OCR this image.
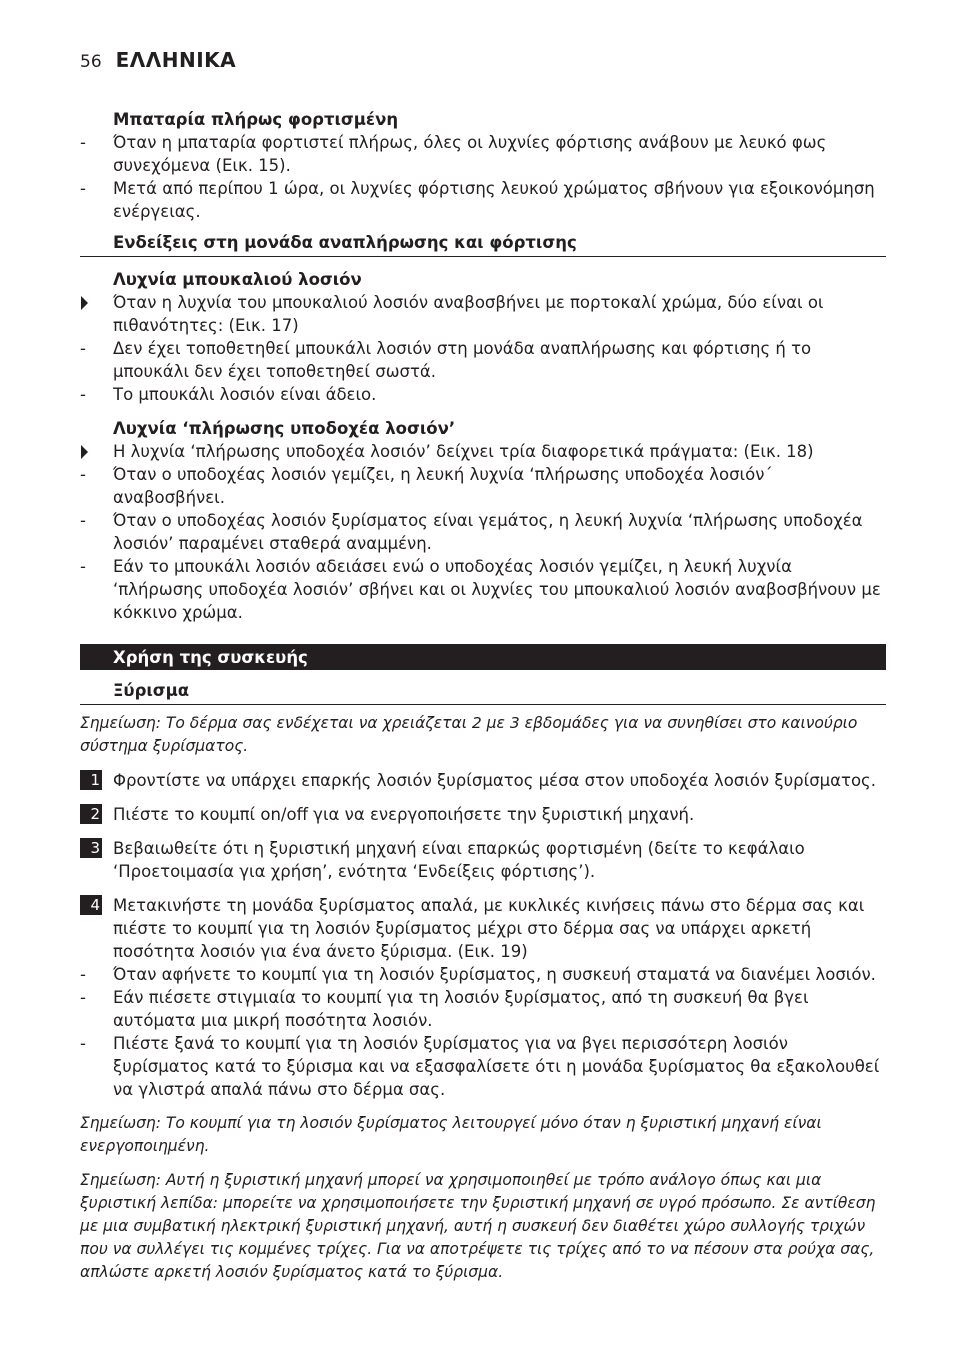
56 ΕΛΛΗΝΙΚΑ
Μπαταρία πλήρως φορτισμένη
-
Όταν η μπαταρία φορτιστεί πλήρως, όλες οι λυχνίες φόρτισης ανάβουν με λευκό φως συνεχόμενα (Εικ. 15).
-
Μετά από περίπου 1 ώρα, οι λυχνίες φόρτισης λευκού χρώματος σβήνουν για εξοικονόμηση ενέργειας.
Ενδείξεις στη μονάδα αναπλήρωσης και φόρτισης
Λυχνία μπουκαλιού λοσιόν
Όταν η λυχνία του μπουκαλιού λοσιόν αναβοσβήνει με πορτοκαλί χρώμα, δύο είναι οι πιθανότητες: (Εικ. 17)
-
Δεν έχει τοποθετηθεί μπουκάλι λοσιόν στη μονάδα αναπλήρωσης και φόρτισης ή το μπουκάλι δεν έχει τοποθετηθεί σωστά.
-
Το μπουκάλι λοσιόν είναι άδειο.
Λυχνία ‘πλήρωσης υποδοχέα λοσιόν’
Η λυχνία ‘πλήρωσης υποδοχέα λοσιόν’ δείχνει τρία διαφορετικά πράγματα: (Εικ. 18)
-
Όταν ο υποδοχέας λοσιόν γεμίζει, η λευκή λυχνία ‘πλήρωσης υποδοχέα λοσιόν΄ αναβοσβήνει.
-
Όταν ο υποδοχέας λοσιόν ξυρίσματος είναι γεμάτος, η λευκή λυχνία ‘πλήρωσης υποδοχέα λοσιόν’ παραμένει σταθερά αναμμένη.
-
Εάν το μπουκάλι λοσιόν αδειάσει ενώ ο υποδοχέας λοσιόν γεμίζει, η λευκή λυχνία ‘πλήρωσης υποδοχέα λοσιόν’ σβήνει και οι λυχνίες του μπουκαλιού λοσιόν αναβοσβήνουν με κόκκινο χρώμα.
Χρήση της συσκευής
Ξύρισμα
Σημείωση: Το δέρμα σας ενδέχεται να χρειάζεται 2 με 3 εβδομάδες για να συνηθίσει στο καινούριο σύστημα ξυρίσματος.
1 Φροντίστε να υπάρχει επαρκής λοσιόν ξυρίσματος μέσα στον υποδοχέα λοσιόν ξυρίσματος.
2 Πιέστε το κουμπί on/off για να ενεργοποιήσετε την ξυριστική μηχανή.
3 Βεβαιωθείτε ότι η ξυριστική μηχανή είναι επαρκώς φορτισμένη (δείτε το κεφάλαιο ‘Προετοιμασία για χρήση’, ενότητα ‘Ενδείξεις φόρτισης’).
4 Μετακινήστε τη μονάδα ξυρίσματος απαλά, με κυκλικές κινήσεις πάνω στο δέρμα σας και πιέστε το κουμπί για τη λοσιόν ξυρίσματος μέχρι στο δέρμα σας να υπάρχει αρκετή ποσότητα λοσιόν για ένα άνετο ξύρισμα. (Εικ. 19)
-
Όταν αφήνετε το κουμπί για τη λοσιόν ξυρίσματος, η συσκευή σταματά να διανέμει λοσιόν.
-
Εάν πιέσετε στιγμιαία το κουμπί για τη λοσιόν ξυρίσματος, από τη συσκευή θα βγει αυτόματα μια μικρή ποσότητα λοσιόν.
-
Πιέστε ξανά το κουμπί για τη λοσιόν ξυρίσματος για να βγει περισσότερη λοσιόν ξυρίσματος κατά το ξύρισμα και να εξασφαλίσετε ότι η μονάδα ξυρίσματος θα εξακολουθεί να γλιστρά απαλά πάνω στο δέρμα σας.
Σημείωση: Το κουμπί για τη λοσιόν ξυρίσματος λειτουργεί μόνο όταν η ξυριστική μηχανή είναι ενεργοποιημένη.
Σημείωση: Αυτή η ξυριστική μηχανή μπορεί να χρησιμοποιηθεί με τρόπο ανάλογο όπως και μια ξυριστική λεπίδα: μπορείτε να χρησιμοποιήσετε την ξυριστική μηχανή σε υγρό πρόσωπο. Σε αντίθεση με μια συμβατική ηλεκτρική ξυριστική μηχανή, αυτή η συσκευή δεν διαθέτει χώρο συλλογής τριχών που να συλλέγει τις κομμένες τρίχες. Για να αποτρέψετε τις τρίχες από το να πέσουν στα ρούχα σας, απλώστε αρκετή λοσιόν ξυρίσματος κατά το ξύρισμα.
